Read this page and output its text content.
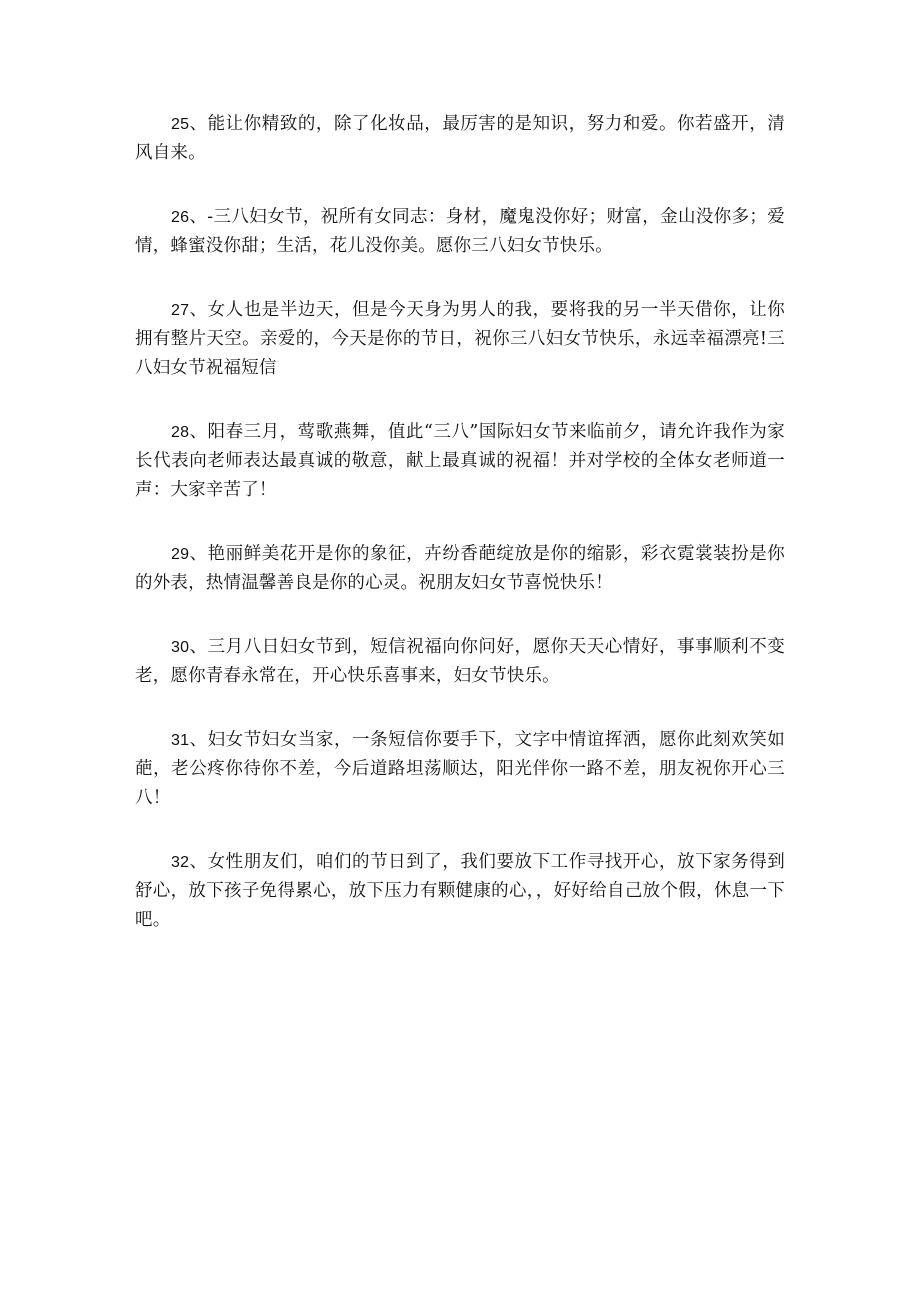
25、能让你精致的，除了化妆品，最厉害的是知识，努力和爱。你若盛开，清风自来。

26、-三八妇女节，祝所有女同志：身材，魔鬼没你好；财富，金山没你多；爱情，蜂蜜没你甜；生活，花儿没你美。愿你三八妇女节快乐。

27、女人也是半边天，但是今天身为男人的我，要将我的另一半天借你，让你拥有整片天空。亲爱的，今天是你的节日，祝你三八妇女节快乐，永远幸福漂亮!三八妇女节祝福短信

28、阳春三月，莺歌燕舞，值此“三八”国际妇女节来临前夕，请允许我作为家长代表向老师表达最真诚的敬意，献上最真诚的祝福！并对学校的全体女老师道一声：大家辛苦了！

29、艳丽鲜美花开是你的象征，卉纷香葩绽放是你的缩影，彩衣霓裳装扮是你的外表，热情温馨善良是你的心灵。祝朋友妇女节喜悦快乐！

30、三月八日妇女节到，短信祝福向你问好，愿你天天心情好，事事顺利不变老，愿你青春永常在，开心快乐喜事来，妇女节快乐。

31、妇女节妇女当家，一条短信你要手下，文字中情谊挥洒，愿你此刻欢笑如葩，老公疼你待你不差，今后道路坦荡顺达，阳光伴你一路不差，朋友祝你开心三八！

32、女性朋友们，咱们的节日到了，我们要放下工作寻找开心，放下家务得到舒心，放下孩子免得累心，放下压力有颗健康的心，，好好给自己放个假，休息一下吧。
